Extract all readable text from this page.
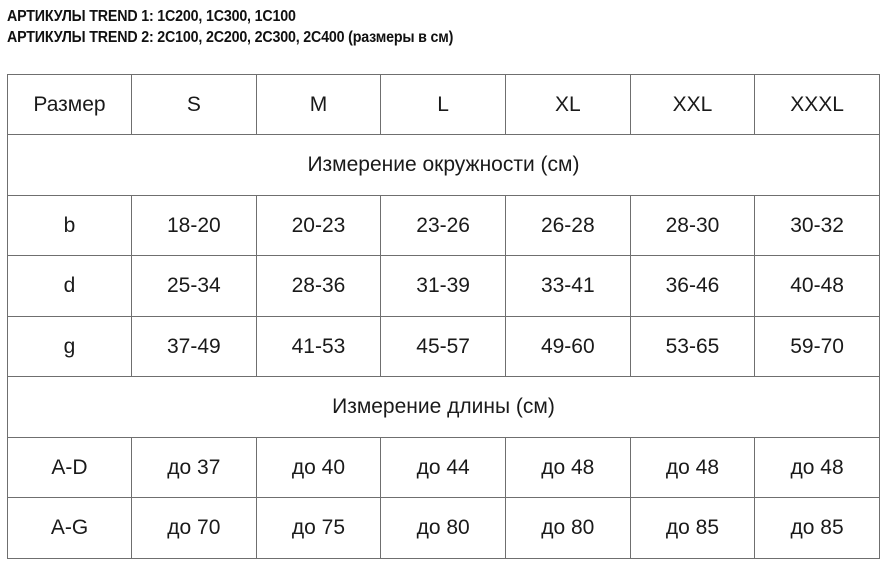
АРТИКУЛЫ TREND 1: 1С200, 1С300, 1С100
АРТИКУЛЫ TREND 2: 2С100, 2С200, 2С300, 2С400 (размеры в см)
Размер	S	M	L	XL	XXL	XXXL
Измерение окружности (см)						
b	18-20	20-23	23-26	26-28	28-30	30-32
d	25-34	28-36	31-39	33-41	36-46	40-48
g	37-49	41-53	45-57	49-60	53-65	59-70
Измерение длины (см)						
A-D	до 37	до 40	до 44	до 48	до 48	до 48
A-G	до 70	до 75	до 80	до 80	до 85	до 85
